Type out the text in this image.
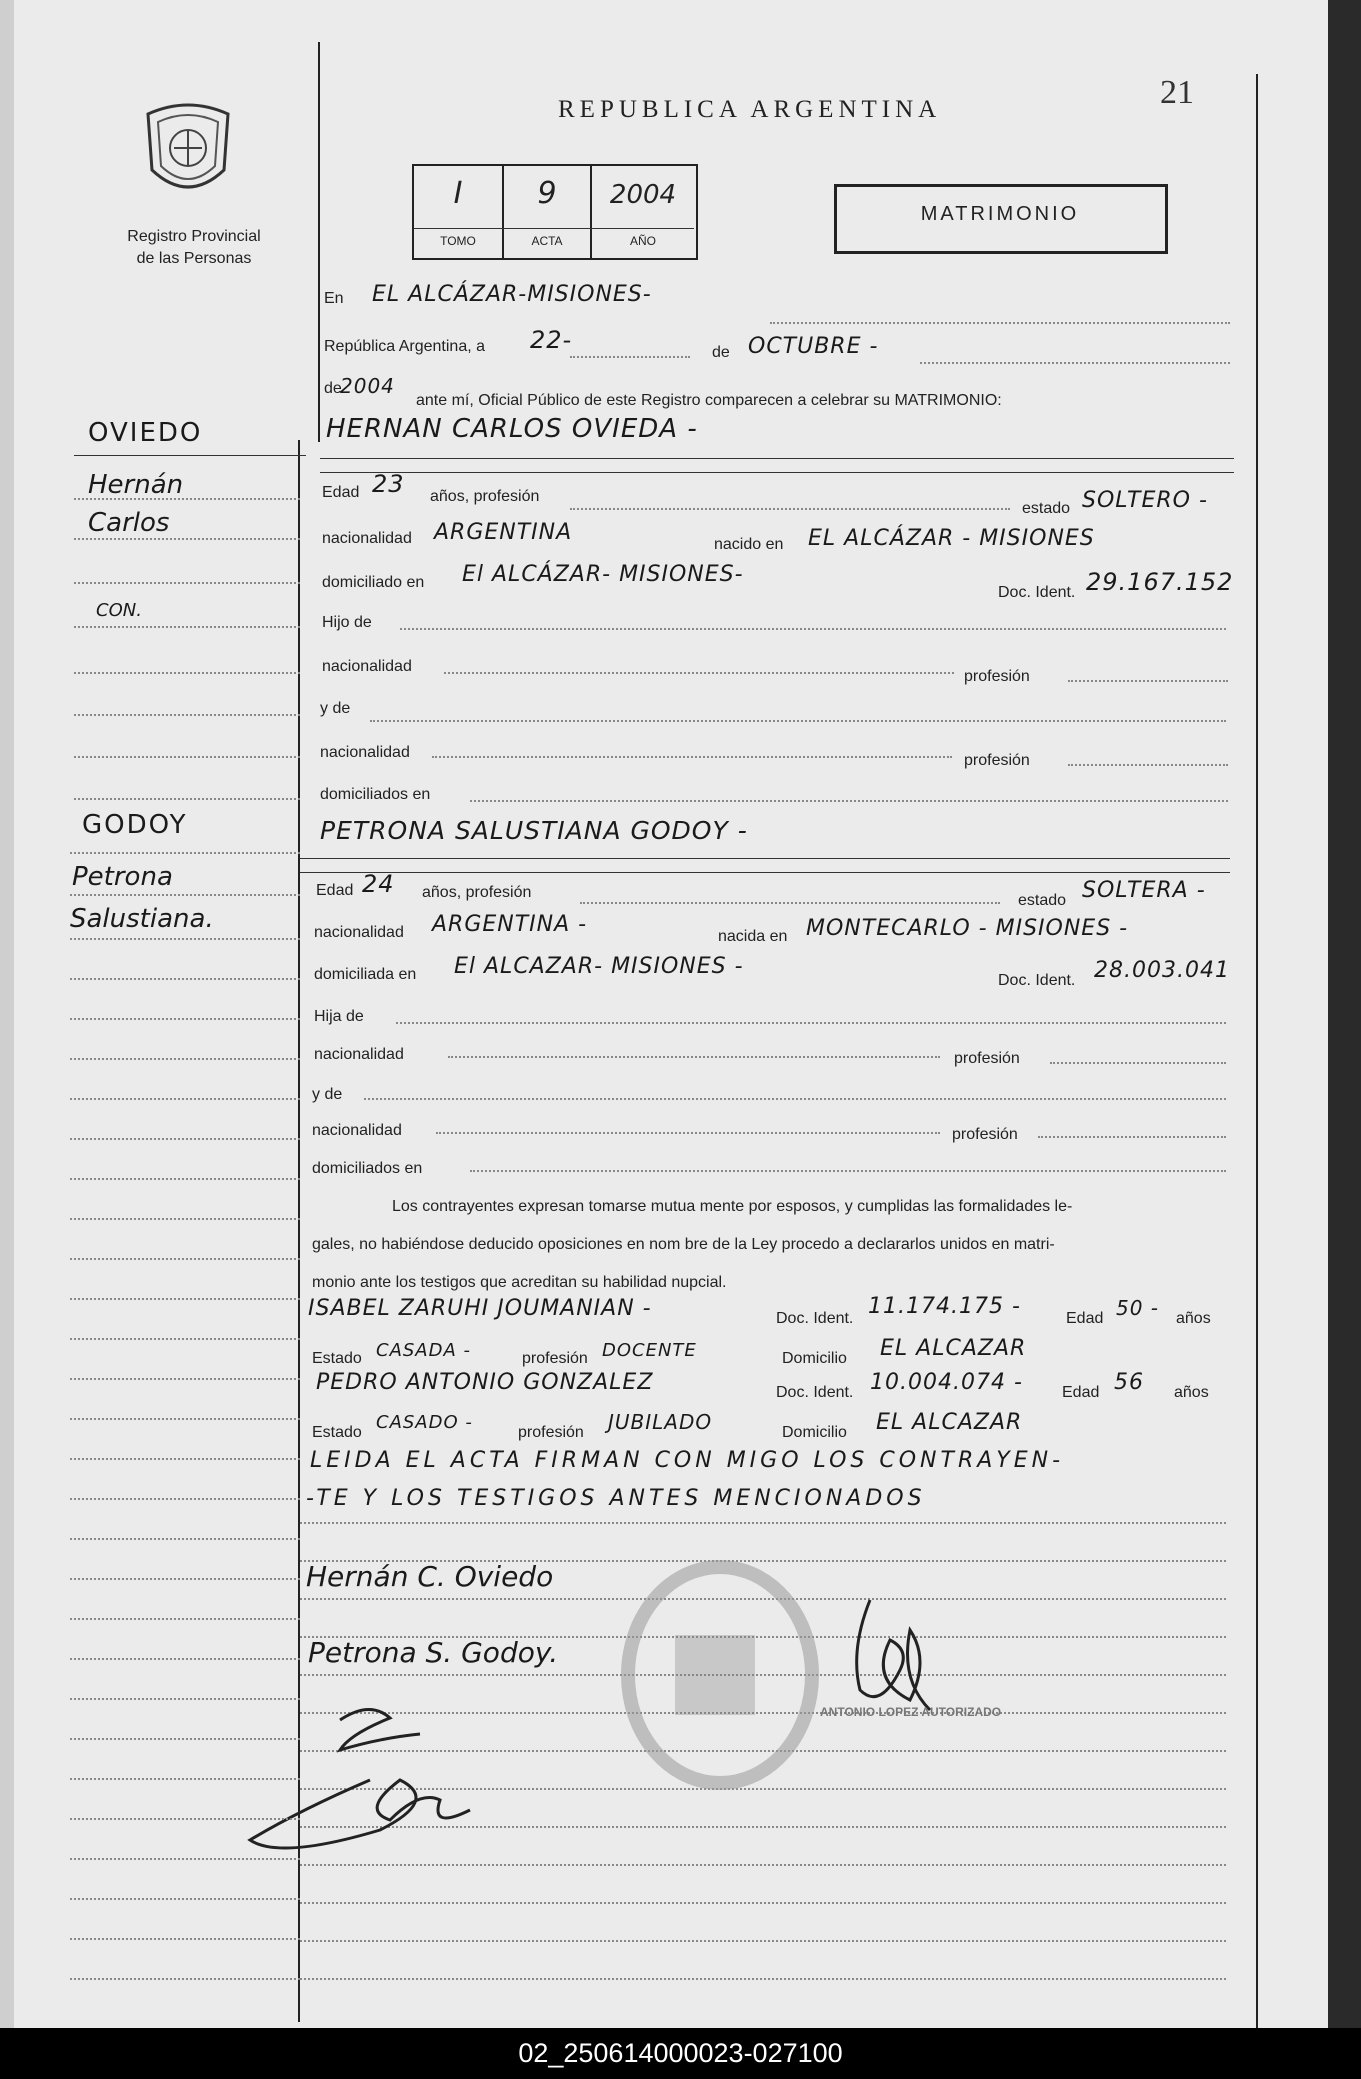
Registro Provincial
de las Personas
REPUBLICA ARGENTINA	21
I	9	2004
TOMO	ACTA	AÑO
MATRIMONIO
En EL ALCÁZAR-MISIONES-
República Argentina, a 22-	de OCTUBRE -
de
2004
ante mí, Oficial Público de este Registro comparecen a celebrar su MATRIMONIO:
HERNAN CARLOS OVIEDA -
Edad 23 años, profesión
estado SOLTERO -
nacionalidad ARGENTINA	nacido en EL ALCÁZAR - MISIONES
domiciliado en El ALCÁZAR- MISIONES-
Doc. Ident. 29.167.152
Hijo de
nacionalidad
profesión
y de
nacionalidad	profesión
domiciliados en
PETRONA SALUSTIANA GODOY -
Edad 24 años, profesión	estado SOLTERA -
nacionalidad ARGENTINA -	nacida en MONTECARLO - MISIONES -
domiciliada en El ALCAZAR- MISIONES -
Doc. Ident. 28.003.041
Hija de
nacionalidad	profesión
y de
nacionalidad	profesión
domiciliados en
Los contrayentes expresan tomarse mutua mente por esposos, y cumplidas las formalidades le-
gales, no habiéndose deducido oposiciones en nom bre de la Ley procedo a declararlos unidos en matri-
monio ante los testigos que acreditan su habilidad nupcial.
ISABEL ZARUHI JOUMANIAN -	Doc. Ident. 11.174.175 -	Edad 50 - años
Estado CASADA -	profesión DOCENTE	Domicilio EL ALCAZAR
PEDRO ANTONIO GONZALEZ	Doc. Ident. 10.004.074 - Edad 56 años
Estado CASADO -	profesión JUBILADO	Domicilio EL ALCAZAR
LEIDA EL ACTA FIRMAN CON MIGO LOS CONTRAYEN-
-TE Y LOS TESTIGOS ANTES MENCIONADOS
Hernán C. Oviedo
Petrona S. Godoy.
ANTONIO LOPEZ AUTORIZADO
OVIEDO
Hernán
Carlos
CON.
GODOY
Petrona
Salustiana.
02_250614000023-027100
